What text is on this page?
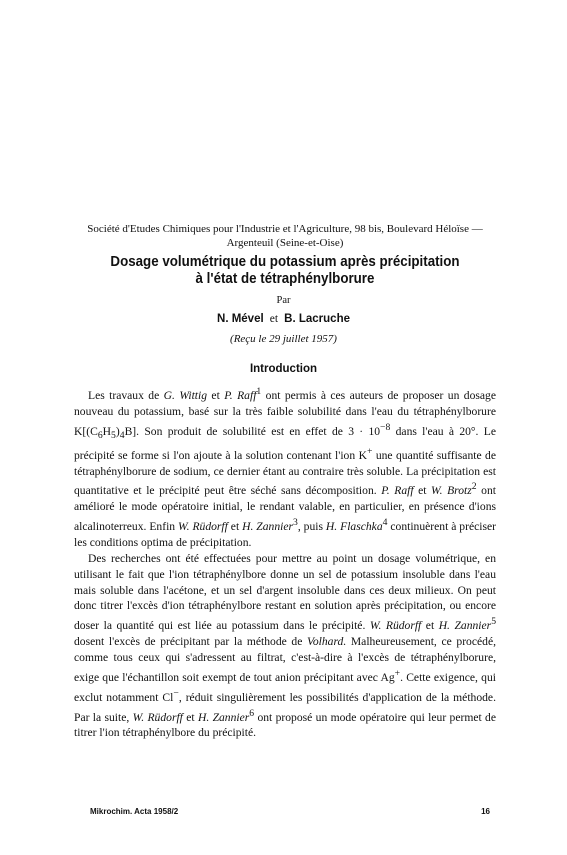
Société d'Etudes Chimiques pour l'Industrie et l'Agriculture, 98 bis, Boulevard Héloïse — Argenteuil (Seine-et-Oise)
Dosage volumétrique du potassium après précipitation
à l'état de tétraphénylborure
Par
N. Mével et B. Lacruche
(Reçu le 29 juillet 1957)
Introduction

Les travaux de G. Wittig et P. Raff$^1$ ont permis à ces auteurs de proposer un dosage nouveau du potassium, basé sur la très faible solubilité dans l'eau du tétraphénylborure $K[(C_6H_5)_4B]$. Son produit de solubilité est en effet de $3 \cdot 10^{-8}$ dans l'eau à 20°. Le précipité se forme si l'on ajoute à la solution contenant l'ion K+ une quantité suffisante de tétraphénylborure de sodium, ce dernier étant au contraire très soluble. La précipitation est quantitative et le précipité peut être séché sans décomposition. P. Raff et W. Brotz$^2$ ont amélioré le mode opératoire initial, le rendant valable, en particulier, en présence d'ions alcalinoterreux. Enfin W. Rüdorff et H. Zannier$^3$, puis H. Flaschka$^4$ continuèrent à préciser les conditions optima de précipitation.

Des recherches ont été effectuées pour mettre au point un dosage volumétrique, en utilisant le fait que l'ion tétraphénylbore donne un sel de potassium insoluble dans l'eau mais soluble dans l'acétone, et un sel d'argent insoluble dans ces deux milieux. On peut donc titrer l'excès d'ion tétraphénylbore restant en solution après précipitation, ou encore doser la quantité qui est liée au potassium dans le précipité. W. Rüdorff et H. Zannier$^5$ dosent l'excès de précipitant par la méthode de Volhard. Malheureusement, ce procédé, comme tous ceux qui s'adressent au filtrat, c'est-à-dire à l'excès de tétraphénylborure, exige que l'échantillon soit exempt de tout anion précipitant avec Ag+. Cette exigence, qui exclut notamment Cl−, réduit singulièrement les possibilités d'application de la méthode. Par la suite, W. Rüdorff et H. Zannier$^6$ ont proposé un mode opératoire qui leur permet de titrer l'ion tétraphénylbore du précipité.

Mikrochim. Acta 1958/2	16
